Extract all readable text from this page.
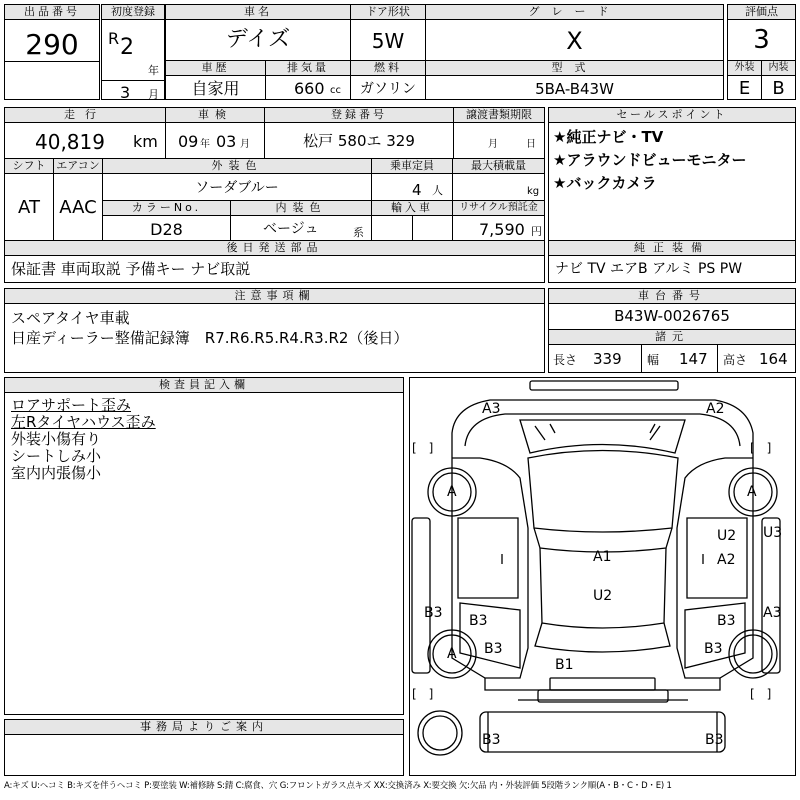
出品番号
290
初度登録
R 2
年
3 月
車名
デイズ
ドア形状
5W
グレード
X
評価点
3
車歴
自家用
排気量
660 cc
燃料
ガソリン
型式
5BA-B43W
外装
E
内装
B
走行
40,819 km
車検
09 年 03 月
登録番号
松戸 580エ 329
譲渡書類期限
月	日
シフト
AT
エアコン
AAC
外装色
ソーダブルー
乗車定員
4 人
最大積載量
kg
カラーNo.
D28
内装色
ベージュ	系
輸入車	リサイクル預託金
7,590 円
セールスポイント
★純正ナビ・TV
★アラウンドビューモニター
★バックカメラ
後日発送部品
保証書 車両取説 予備キー ナビ取説
純正装備
ナビ TV エアB アルミ PS PW
注意事項欄
スペアタイヤ車載
日産ディーラー整備記録簿　R7.R6.R5.R4.R3.R2（後日）
車台番号
B43W-0026765
諸元
長さ 339 幅 147 高さ 164
検査員記入欄
ロアサポート歪み
左Rタイヤハウス歪み
外装小傷有り
シートしみ小
室内内張傷小
事務局よりご案内
A3	A2
A	A
U2
A2
U3
A1
U2
B3 B3	B3 A3
A B3	B3
B1
B3	B3
[　]	[　]
[　]	[　]
A:キズ U:ヘコミ B:キズを伴うヘコミ P:要塗装 W:補修跡 S:錆 C:腐食、穴 G:フロントガラス点キズ XX:交換済み X:要交換 欠:欠品 内・外装評価 5段階ランク順(A・B・C・D・E) 1
